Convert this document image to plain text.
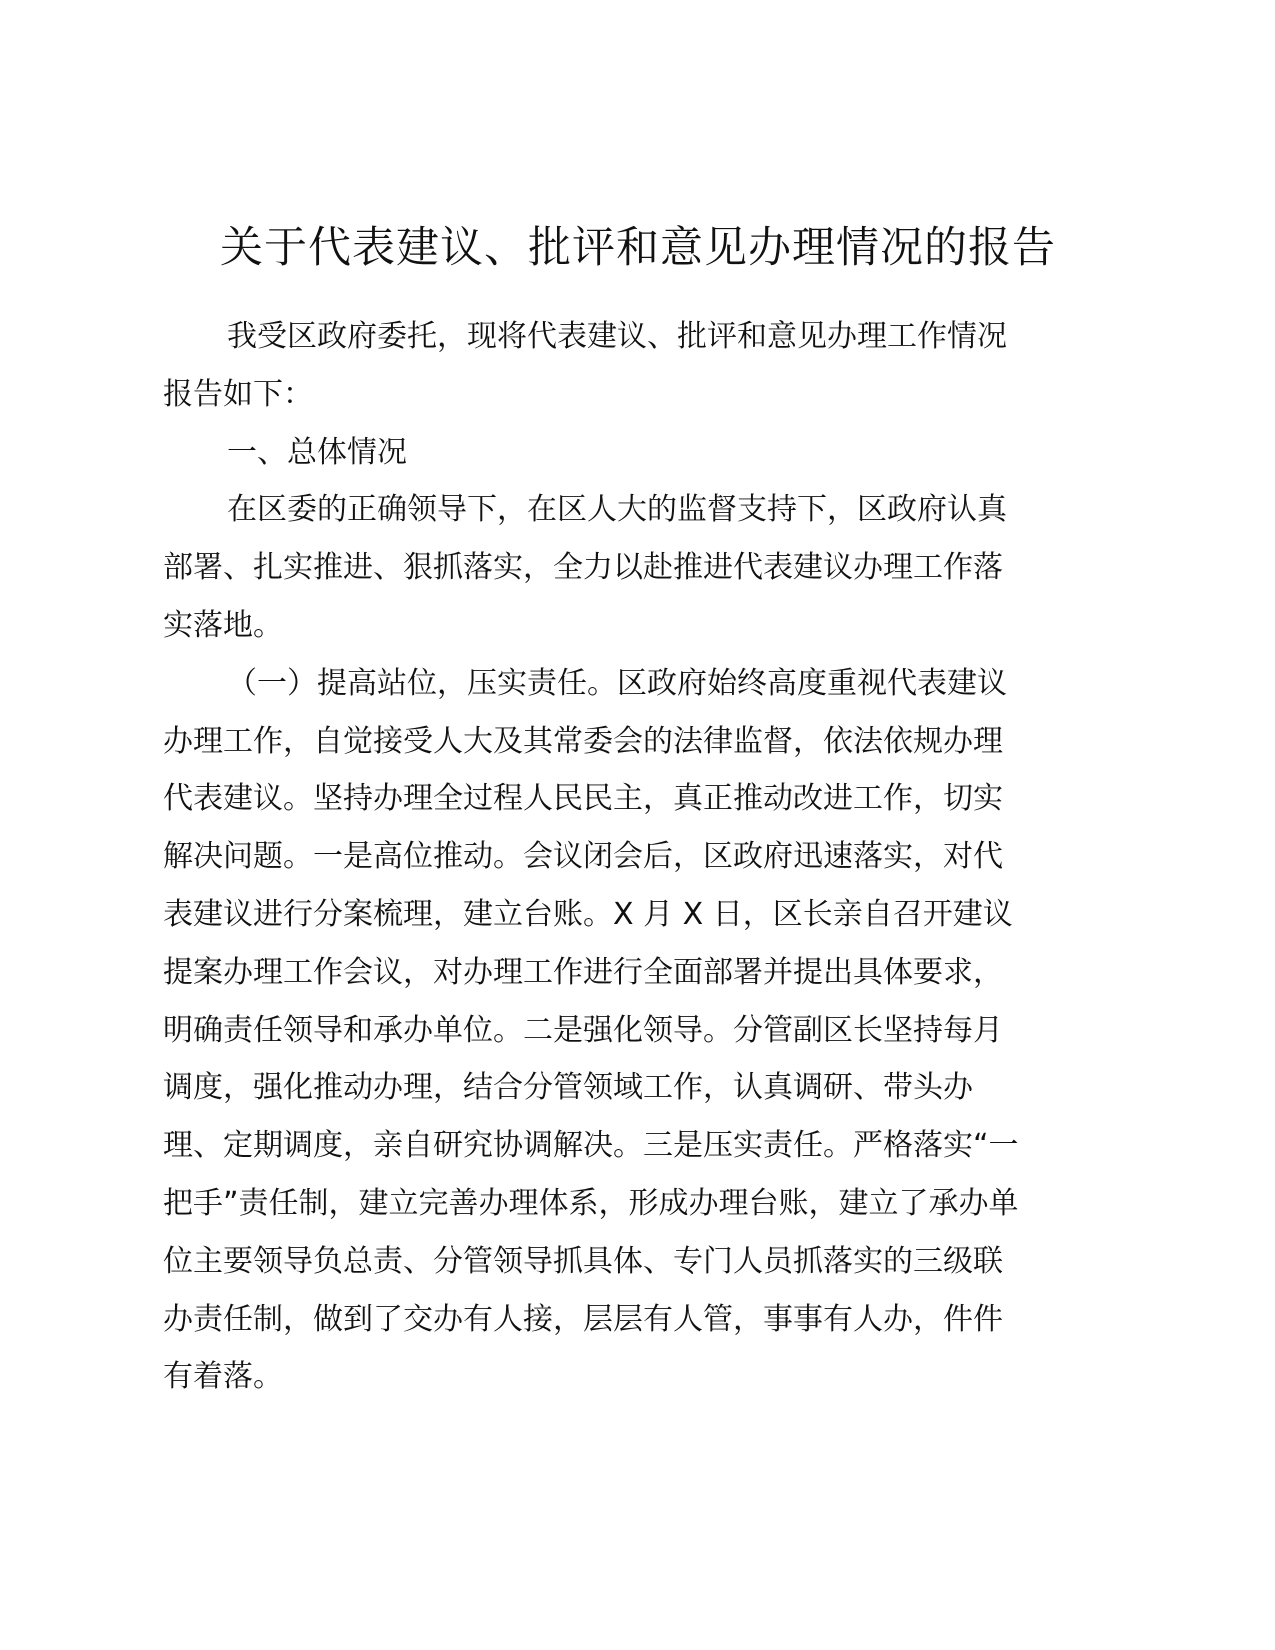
关于代表建议、批评和意见办理情况的报告

我受区政府委托，现将代表建议、批评和意见办理工作情况
报告如下：

一、总体情况

在区委的正确领导下，在区人大的监督支持下，区政府认真
部署、扎实推进、狠抓落实，全力以赴推进代表建议办理工作落
实落地。

（一）提高站位，压实责任。区政府始终高度重视代表建议
办理工作，自觉接受人大及其常委会的法律监督，依法依规办理
代表建议。坚持办理全过程人民民主，真正推动改进工作，切实
解决问题。一是高位推动。会议闭会后，区政府迅速落实，对代
表建议进行分案梳理，建立台账。X 月 X 日，区长亲自召开建议
提案办理工作会议，对办理工作进行全面部署并提出具体要求，
明确责任领导和承办单位。二是强化领导。分管副区长坚持每月
调度，强化推动办理，结合分管领域工作，认真调研、带头办
理、定期调度，亲自研究协调解决。三是压实责任。严格落实“一
把手”责任制，建立完善办理体系，形成办理台账，建立了承办单
位主要领导负总责、分管领导抓具体、专门人员抓落实的三级联
办责任制，做到了交办有人接，层层有人管，事事有人办，件件
有着落。
